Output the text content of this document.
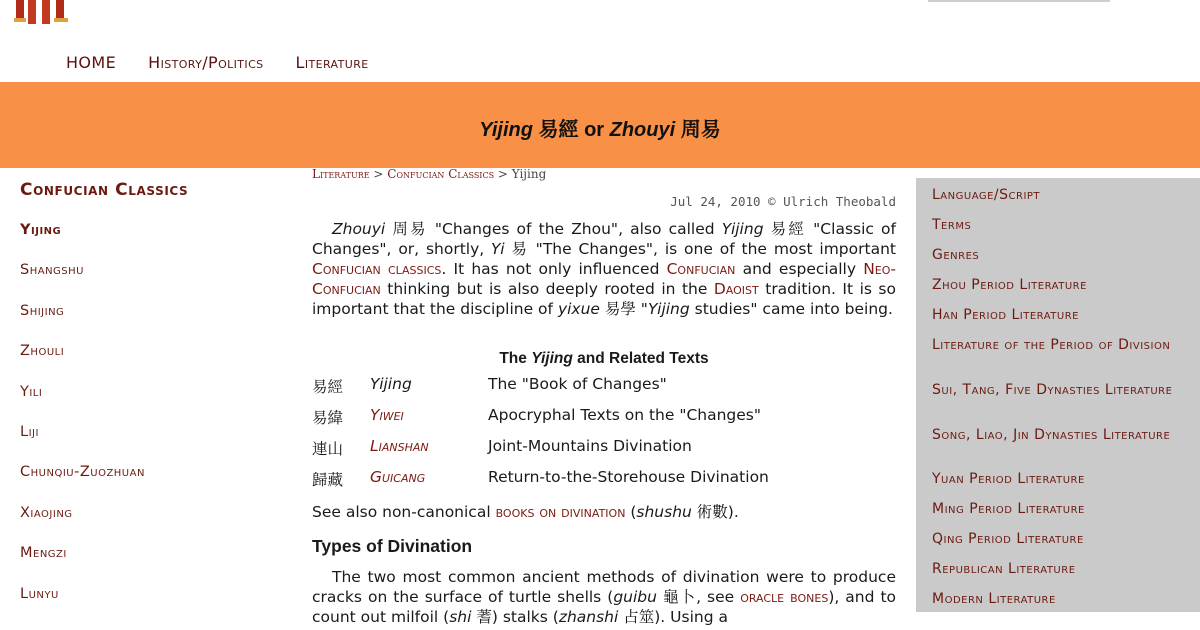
HOME History/Politics Literature
Yijing 易經 or Zhouyi 周易
Confucian Classics
Yijing
Shangshu
Shijing
Zhouli
Yili
Liji
Chunqiu-Zuozhuan
Xiaojing
Mengzi
Lunyu
Language/Script
Terms
Genres
Zhou Period Literature
Han Period Literature
Literature of the Period of Division
Sui, Tang, Five Dynasties Literature
Song, Liao, Jin Dynasties Literature
Yuan Period Literature
Ming Period Literature
Qing Period Literature
Republican Literature
Modern Literature
Literature > Confucian Classics > Yijing
Jul 24, 2010 © Ulrich Theobald
Zhouyi 周易 "Changes of the Zhou", also called Yijing 易經 "Classic of Changes", or, shortly, Yi 易 "The Changes", is one of the most important Confucian classics. It has not only influenced Confucian and especially Neo-Confucian thinking but is also deeply rooted in the Daoist tradition. It is so important that the discipline of yixue 易學 "Yijing studies" came into being.
The Yijing and Related Texts
易經	Yijing	The "Book of Changes"
易緯	Yiwei	Apocryphal Texts on the "Changes"
連山	Lianshan	Joint-Mountains Divination
歸藏	Guicang	Return-to-the-Storehouse Divination
See also non-canonical books on divination (shushu 術數).
Types of Divination
The two most common ancient methods of divination were to produce cracks on the surface of turtle shells (guibu 龜卜, see oracle bones), and to count out milfoil (shi 蓍) stalks (zhanshi 占筮). Using a
